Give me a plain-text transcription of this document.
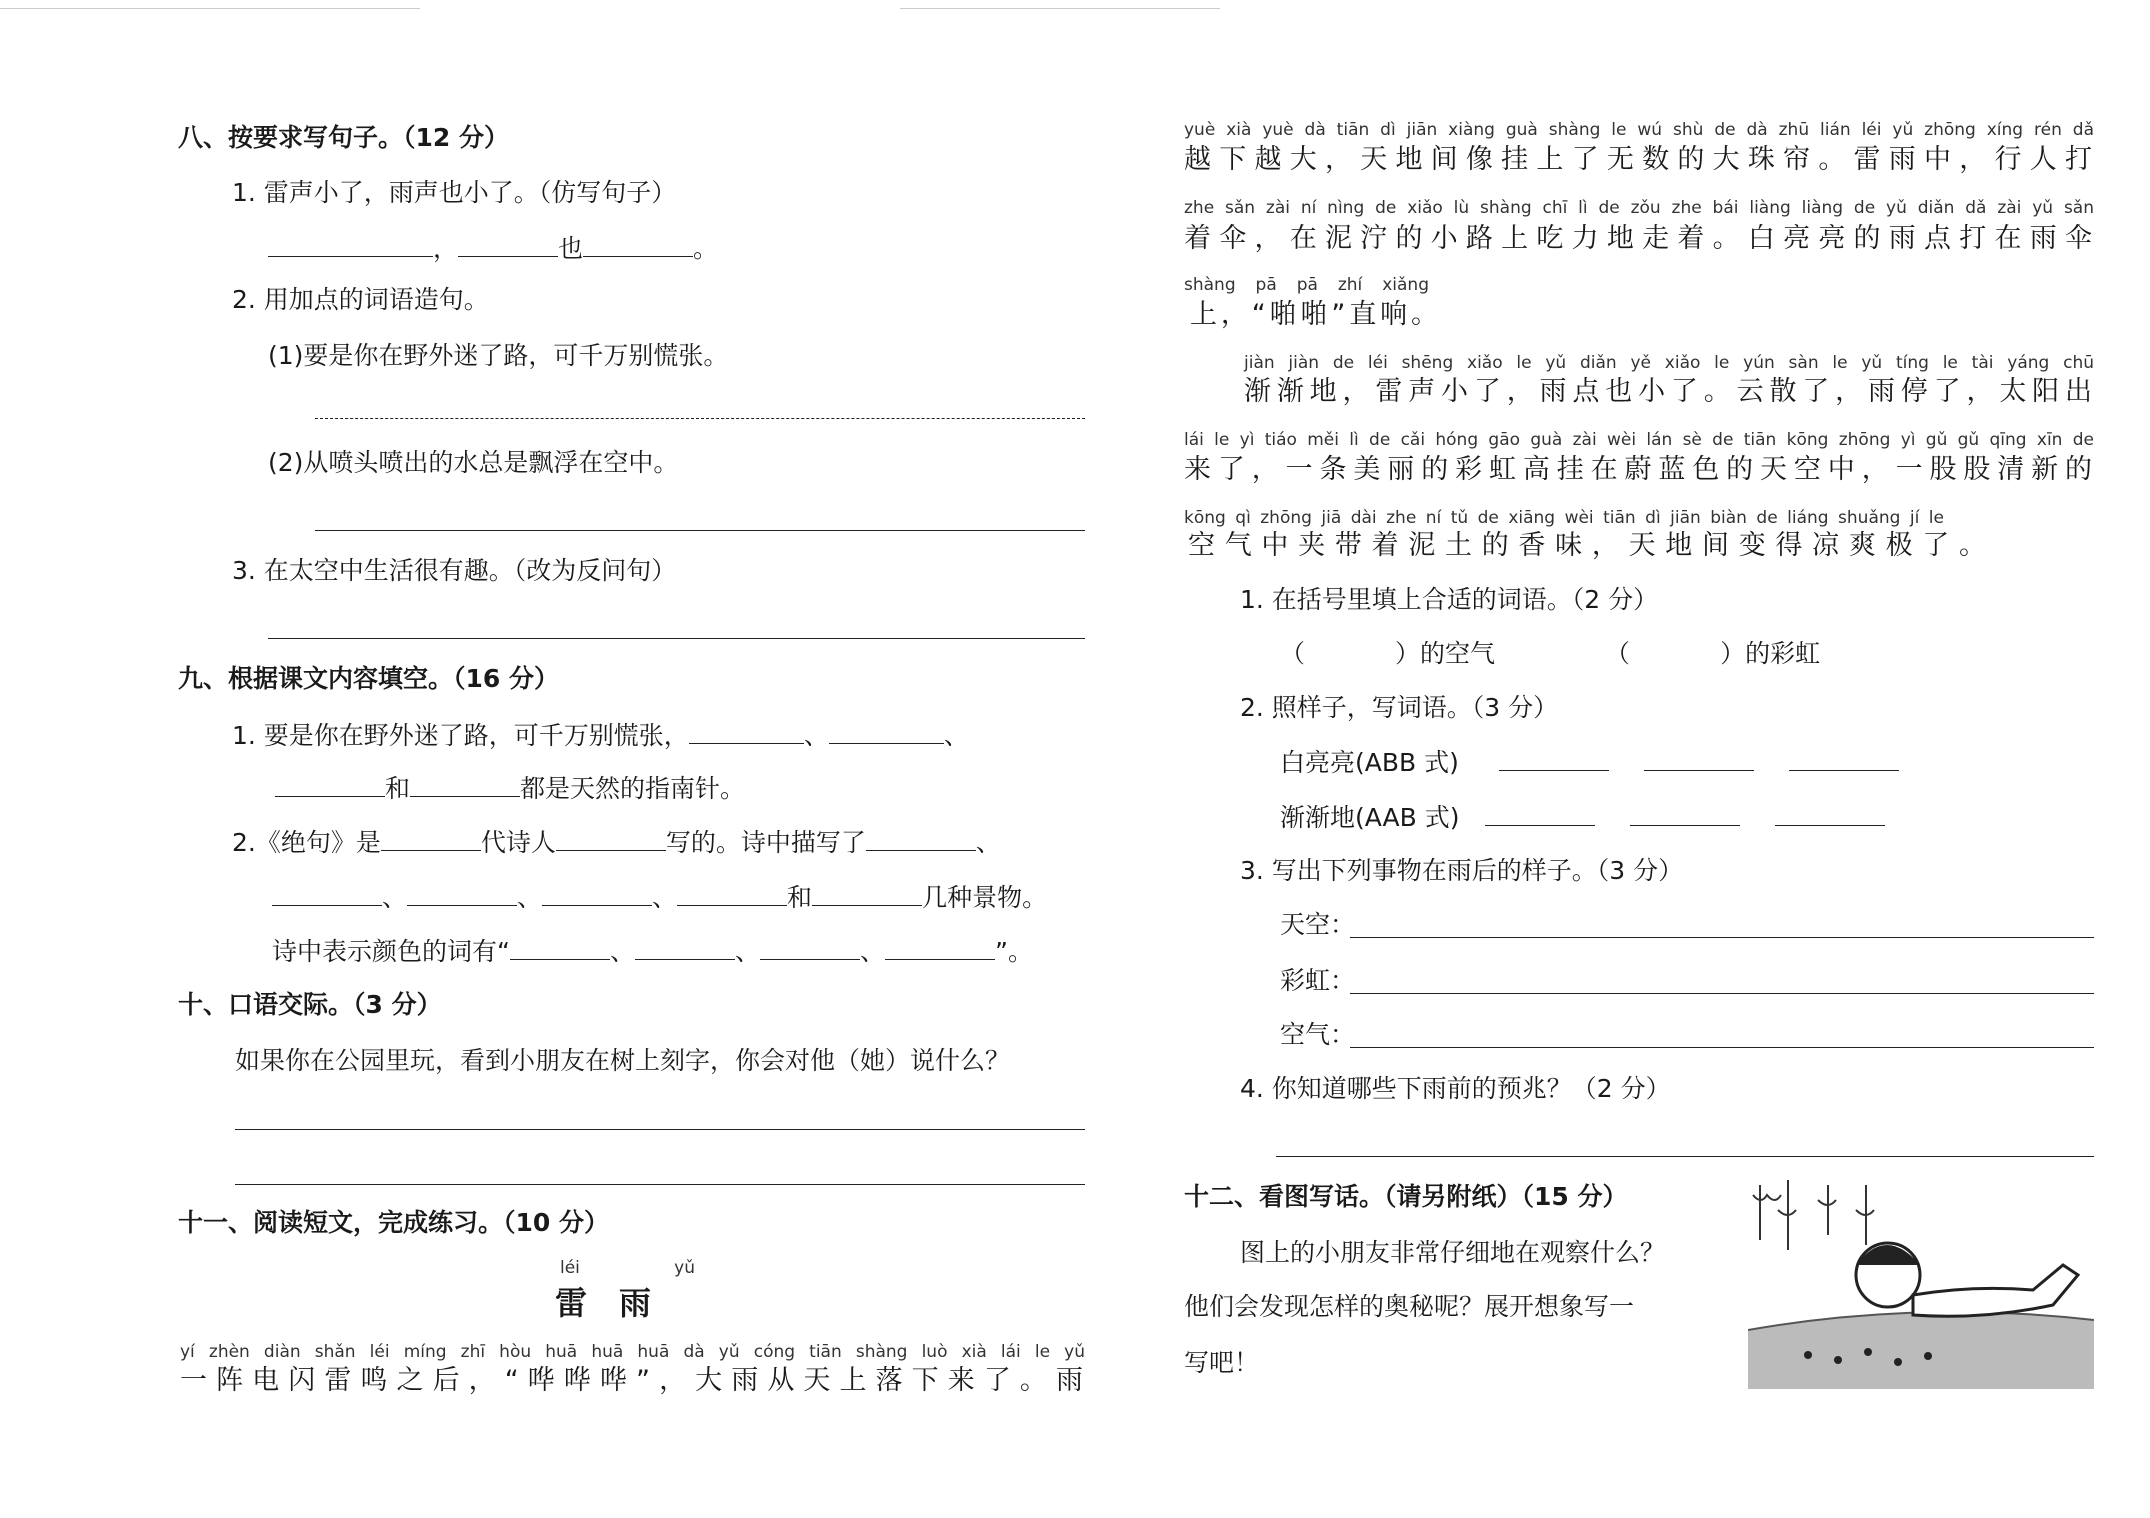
八、按要求写句子。（12 分）
1. 雷声小了，雨声也小了。（仿写句子）
，	也	。
2. 用加点的词语造句。
(1)要是你在野外迷了路，可千万别慌张。
(2)从喷头喷出的水总是飘浮在空中。
3. 在太空中生活很有趣。（改为反问句）
九、根据课文内容填空。（16 分）
1. 要是你在野外迷了路，可千万别慌张，	、	、
和	都是天然的指南针。
2.《绝句》是	代诗人	写的。诗中描写了	、
、	、	、	和	几种景物。
诗中表示颜色的词有“	、	、	、	”。
十、口语交际。（3 分）
如果你在公园里玩，看到小朋友在树上刻字，你会对他（她）说什么？
十一、阅读短文，完成练习。（10 分）
léi yǔ
雷　雨
yí zhèn diàn shǎn léi míng zhī hòu huā huā huā dà yǔ cóng tiān shàng luò xià lái le yǔ
一阵电闪雷鸣之后，“哗哗哗”，大雨从天上落下来了。雨
yuè xià yuè dà tiān dì jiān xiàng guà shàng le wú shù de dà zhū lián léi yǔ zhōng xíng rén dǎ
越下越大，天地间像挂上了无数的大珠帘。雷雨中，行人打
zhe sǎn zài ní nìng de xiǎo lù shàng chī lì de zǒu zhe bái liàng liàng de yǔ diǎn dǎ zài yǔ sǎn
着伞，在泥泞的小路上吃力地走着。白亮亮的雨点打在雨伞
shàng pā pā zhí xiǎng
上，“啪啪”直响。
jiàn jiàn de léi shēng xiǎo le yǔ diǎn yě xiǎo le yún sàn le yǔ tíng le tài yáng chū
渐渐地，雷声小了，雨点也小了。云散了，雨停了，太阳出
lái le yì tiáo měi lì de cǎi hóng gāo guà zài wèi lán sè de tiān kōng zhōng yì gǔ gǔ qīng xīn de
来了，一条美丽的彩虹高挂在蔚蓝色的天空中，一股股清新的
kōng qì zhōng jiā dài zhe ní tǔ de xiāng wèi tiān dì jiān biàn de liáng shuǎng jí le
空气中夹带着泥土的香味，天地间变得凉爽极了。
1. 在括号里填上合适的词语。（2 分）
（	）的空气	（	）的彩虹
2. 照样子，写词语。（3 分）
白亮亮(ABB 式)
渐渐地(AAB 式)
3. 写出下列事物在雨后的样子。（3 分）
天空：
彩虹：
空气：
4. 你知道哪些下雨前的预兆？（2 分）
十二、看图写话。（请另附纸）（15 分）
图上的小朋友非常仔细地在观察什么？
他们会发现怎样的奥秘呢？展开想象写一
写吧！
